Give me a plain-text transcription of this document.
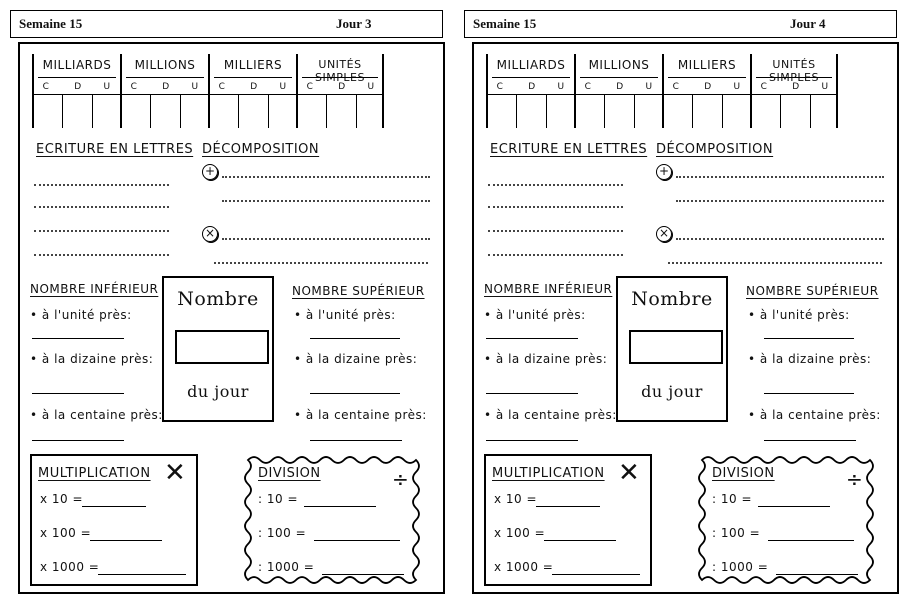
Semaine 15	Jour 3
MILLIARDS
C	D U
MILLIONS
C	D U
MILLIERS
C	D U
UNITÉS SIMPLES
C	D U
ECRITURE EN LETTRES DÉCOMPOSITION
+
×
NOMBRE INFÉRIEUR
• à l'unité près:
• à la dizaine près:
• à la centaine près:
Nombre
du jour
NOMBRE SUPÉRIEUR
• à l'unité près:
• à la dizaine près:
• à la centaine près:
MULTIPLICATION ✕
x 10 =
x 100 =
x 1000 =
DIVISION	÷
: 10 =
: 100 =
: 1000 =
Semaine 15	Jour 4
MILLIARDS
C	D U
MILLIONS
C	D U
MILLIERS
C	D U
UNITÉS SIMPLES
C	D U
ECRITURE EN LETTRES DÉCOMPOSITION
+
×
NOMBRE INFÉRIEUR
• à l'unité près:
• à la dizaine près:
• à la centaine près:
Nombre
du jour
NOMBRE SUPÉRIEUR
• à l'unité près:
• à la dizaine près:
• à la centaine près:
MULTIPLICATION ✕
x 10 =
x 100 =
x 1000 =
DIVISION	÷
: 10 =
: 100 =
: 1000 =
